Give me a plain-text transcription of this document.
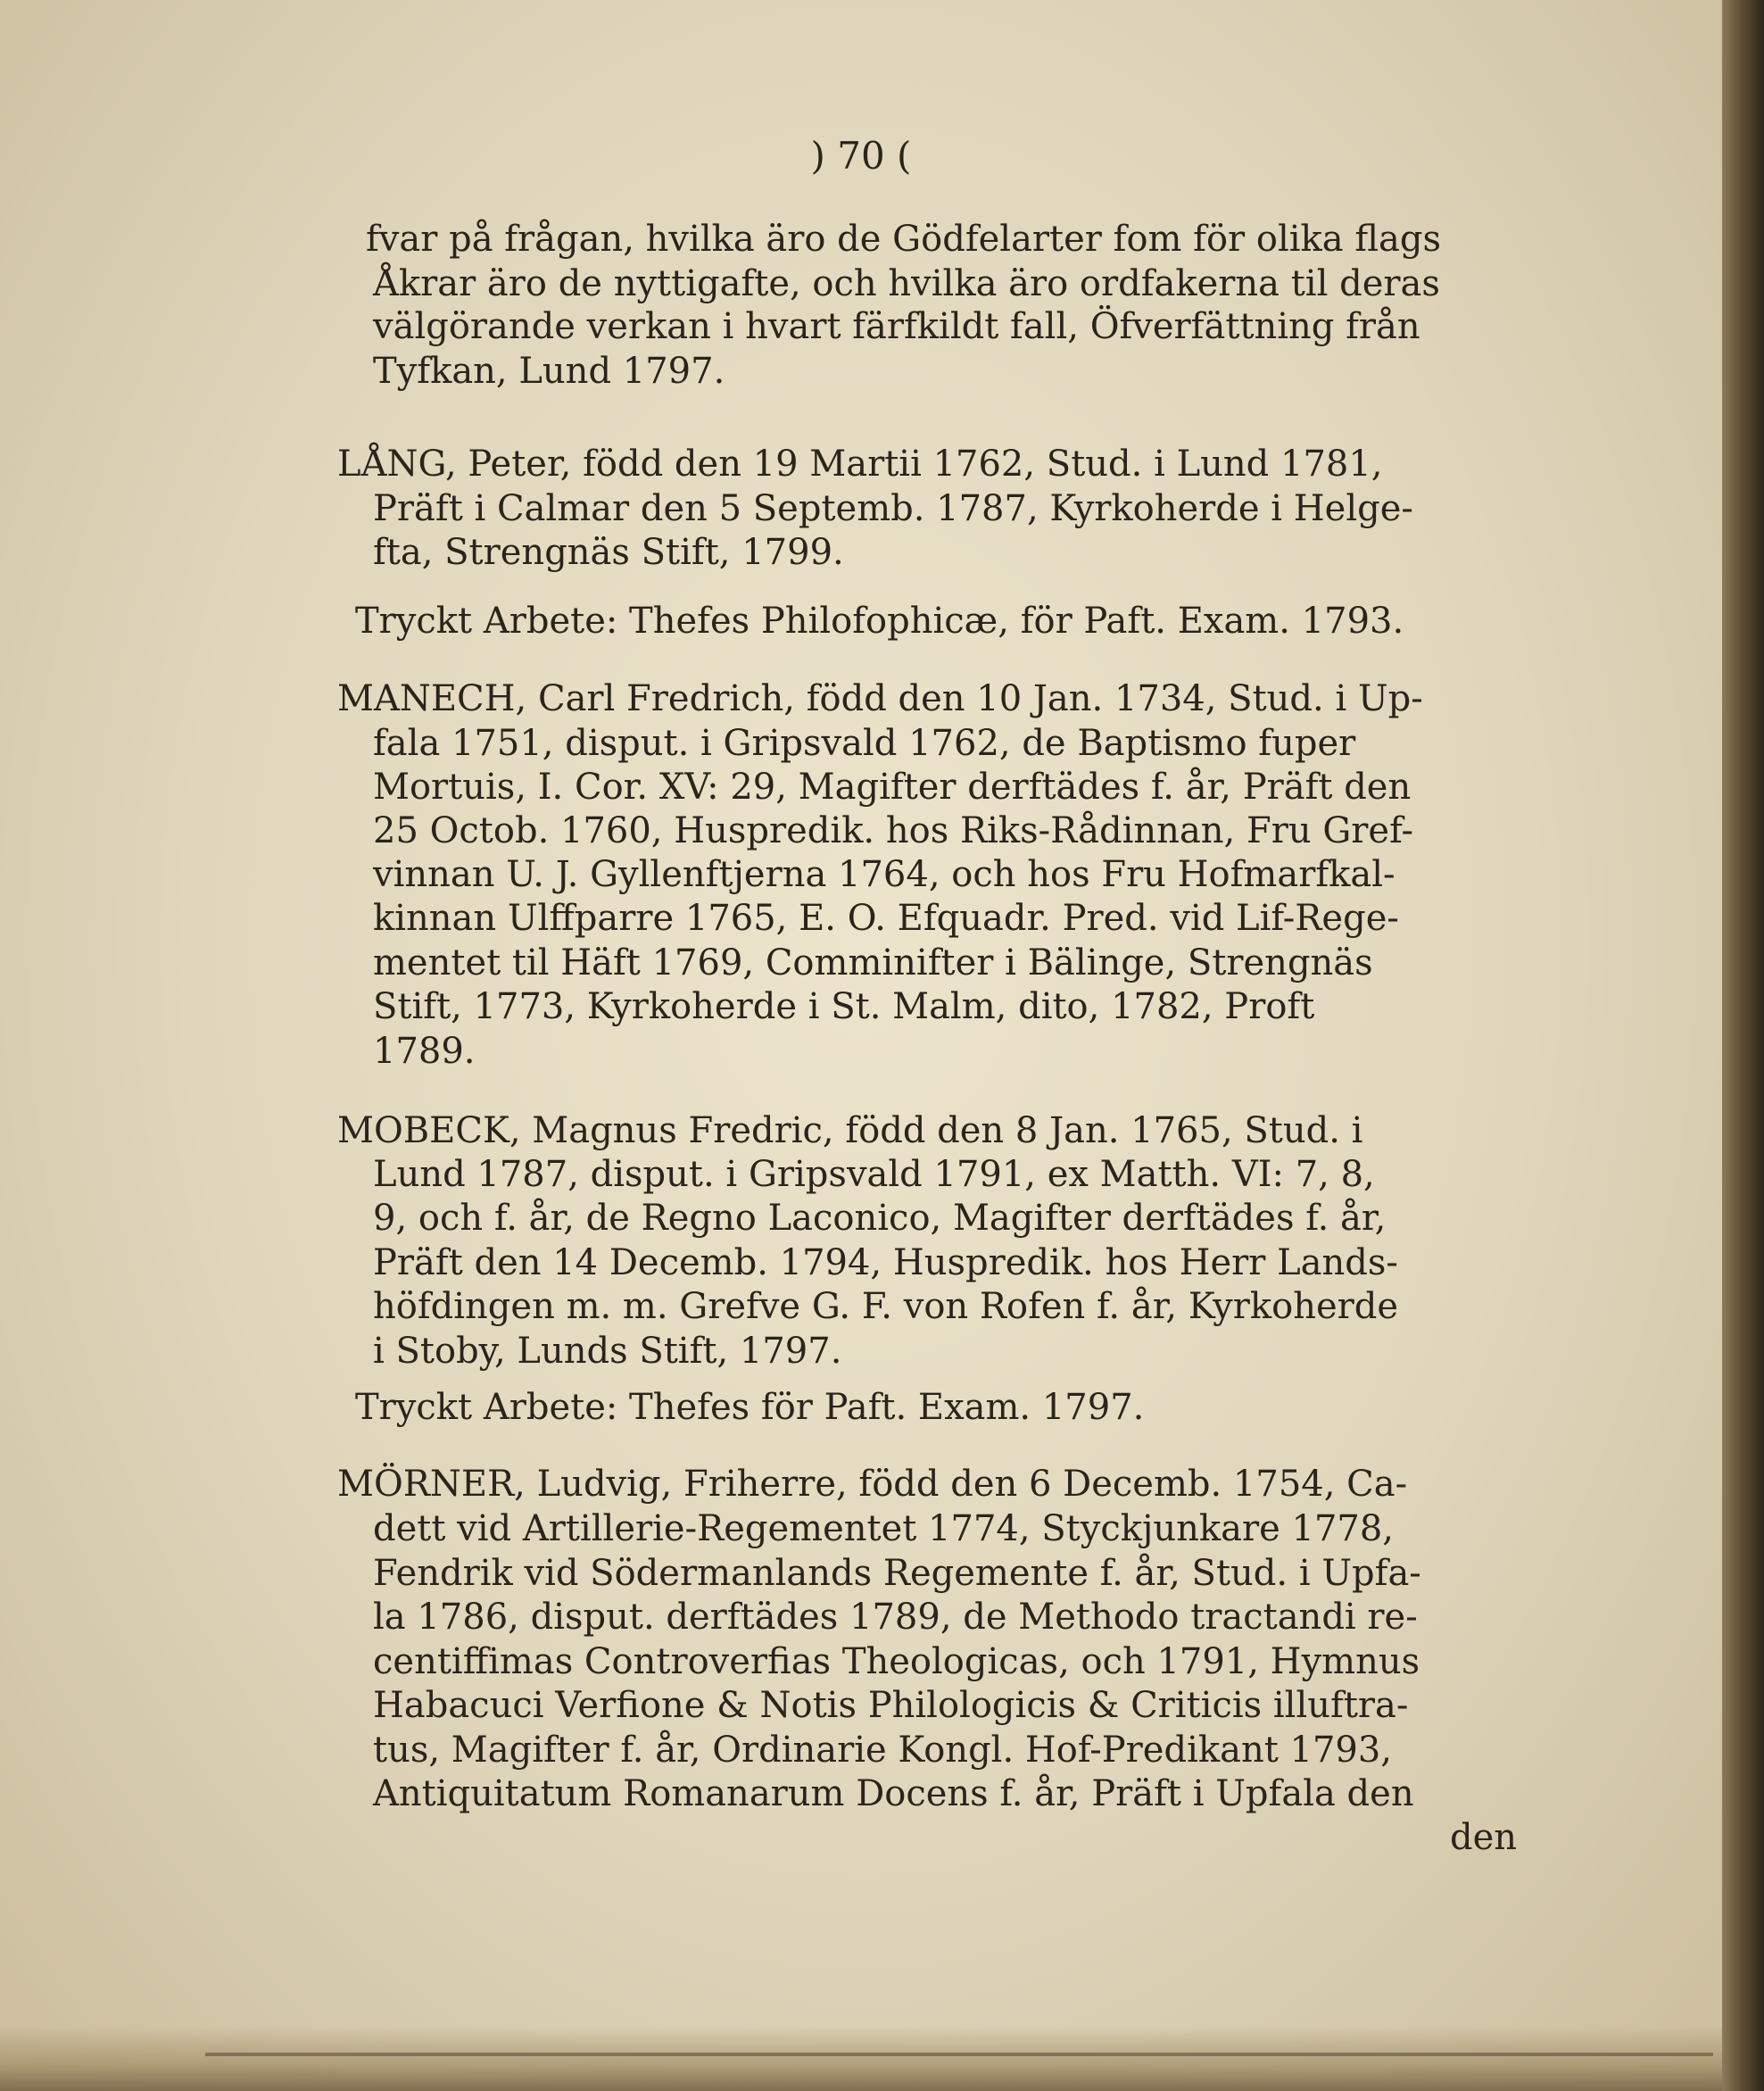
) 70 (
fvar på frågan, hvilka äro de Gödfelarter fom för olika flags
Åkrar äro de nyttigafte, och hvilka äro ordfakerna til deras
välgörande verkan i hvart färfkildt fall, Öfverfättning från
Tyfkan, Lund 1797.
LÅNG, Peter, född den 19 Martii 1762, Stud. i Lund 1781,
Präft i Calmar den 5 Septemb. 1787, Kyrkoherde i Helge-
fta, Strengnäs Stift, 1799.
Tryckt Arbete: Thefes Philofophicæ, för Paft. Exam. 1793.
MANECH, Carl Fredrich, född den 10 Jan. 1734, Stud. i Up-
fala 1751, disput. i Gripsvald 1762, de Baptismo fuper
Mortuis, I. Cor. XV: 29, Magifter derftädes f. år, Präft den
25 Octob. 1760, Huspredik. hos Riks-Rådinnan, Fru Gref-
vinnan U. J. Gyllenftjerna 1764, och hos Fru Hofmarfkal-
kinnan Ulffparre 1765, E. O. Efquadr. Pred. vid Lif-Rege-
mentet til Häft 1769, Comminifter i Bälinge, Strengnäs
Stift, 1773, Kyrkoherde i St. Malm, dito, 1782, Proft
1789.
MOBECK, Magnus Fredric, född den 8 Jan. 1765, Stud. i
Lund 1787, disput. i Gripsvald 1791, ex Matth. VI: 7, 8,
9, och f. år, de Regno Laconico, Magifter derftädes f. år,
Präft den 14 Decemb. 1794, Huspredik. hos Herr Lands-
höfdingen m. m. Grefve G. F. von Rofen f. år, Kyrkoherde
i Stoby, Lunds Stift, 1797.
Tryckt Arbete: Thefes för Paft. Exam. 1797.
MÖRNER, Ludvig, Friherre, född den 6 Decemb. 1754, Ca-
dett vid Artillerie-Regementet 1774, Styckjunkare 1778,
Fendrik vid Södermanlands Regemente f. år, Stud. i Upfa-
la 1786, disput. derftädes 1789, de Methodo tractandi re-
centiffimas Controverfias Theologicas, och 1791, Hymnus
Habacuci Verfione & Notis Philologicis & Criticis illuftra-
tus, Magifter f. år, Ordinarie Kongl. Hof-Predikant 1793,
Antiquitatum Romanarum Docens f. år, Präft i Upfala den
den
